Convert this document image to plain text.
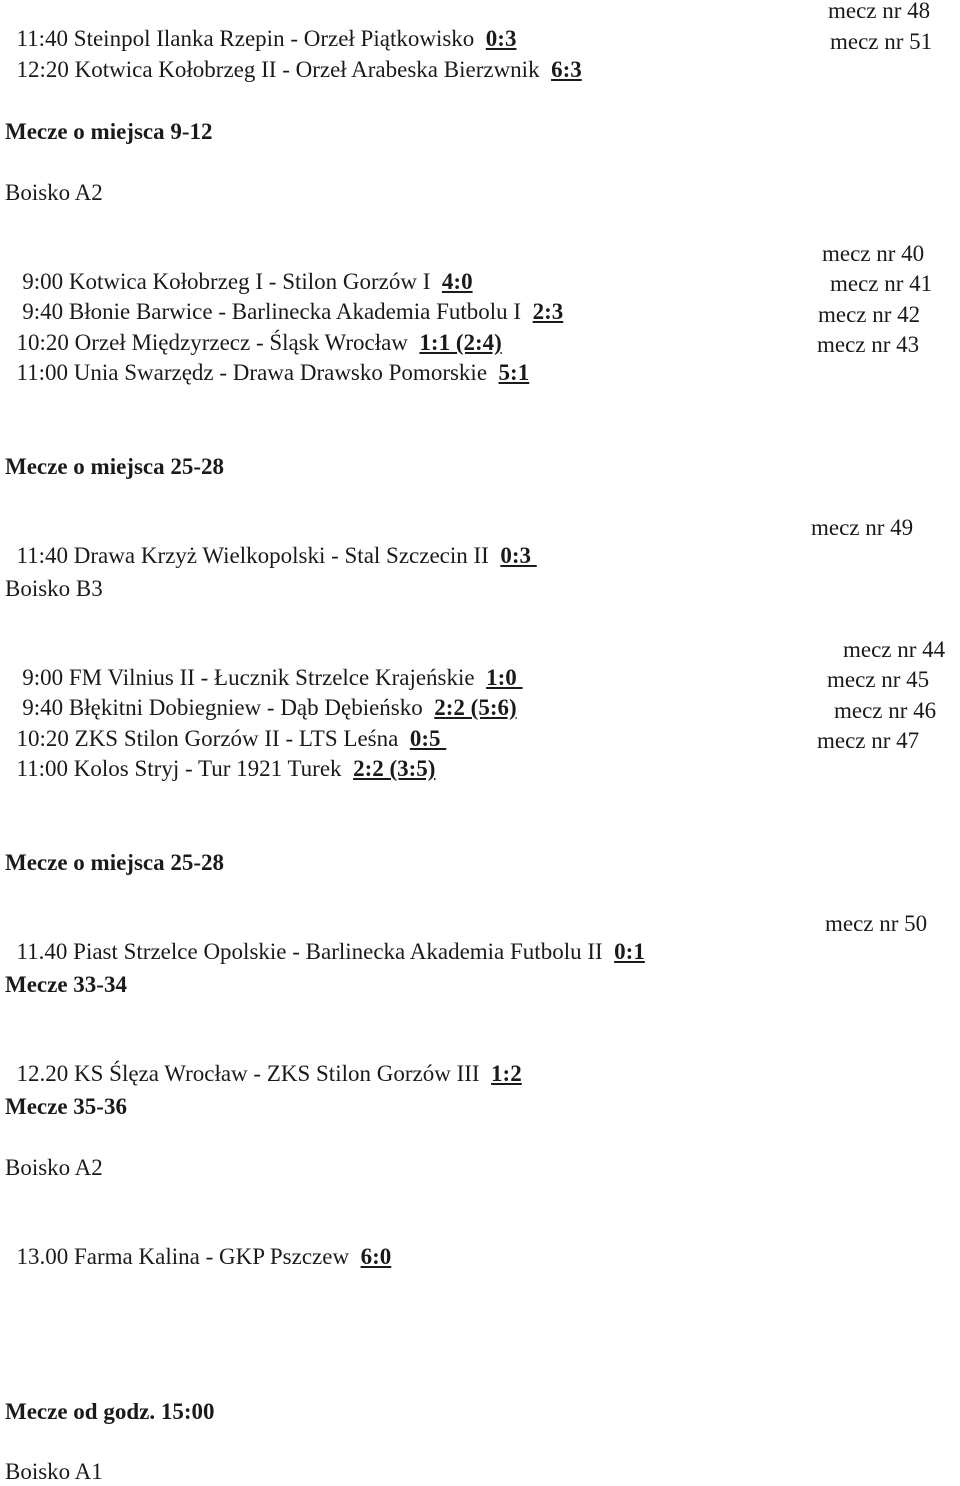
11:40 Steinpol Ilanka Rzepin - Orzeł Piątkowisko  0:3

mecz nr 48

12:20 Kotwica Kołobrzeg II - Orzeł Arabeska Bierzwnik  6:3

mecz nr 51

Mecze o miejsca 9-12
Boisko A2

9:00 Kotwica Kołobrzeg I - Stilon Gorzów I  4:0

mecz nr 40

9:40 Błonie Barwice - Barlinecka Akademia Futbolu I  2:3

mecz nr 41

10:20 Orzeł Międzyrzecz - Śląsk Wrocław  1:1 (2:4)

mecz nr 42

11:00 Unia Swarzędz - Drawa Drawsko Pomorskie  5:1

mecz nr 43

Mecze o miejsca 25-28

11:40 Drawa Krzyż Wielkopolski - Stal Szczecin II  0:3

mecz nr 49

Boisko B3

9:00 FM Vilnius II - Łucznik Strzelce Krajeńskie  1:0

mecz nr 44

9:40 Błękitni Dobiegniew - Dąb Dębieńsko  2:2 (5:6)

mecz nr 45

10:20 ZKS Stilon Gorzów II - LTS Leśna  0:5

mecz nr 46

11:00 Kolos Stryj - Tur 1921 Turek  2:2 (3:5)

mecz nr 47

Mecze o miejsca 25-28

11.40 Piast Strzelce Opolskie - Barlinecka Akademia Futbolu II  0:1

mecz nr 50

Mecze 33-34

12.20 KS Ślęza Wrocław - ZKS Stilon Gorzów III  1:2

Mecze 35-36
Boisko A2

13.00 Farma Kalina - GKP Pszczew  6:0

Mecze od godz. 15:00
Boisko A1
